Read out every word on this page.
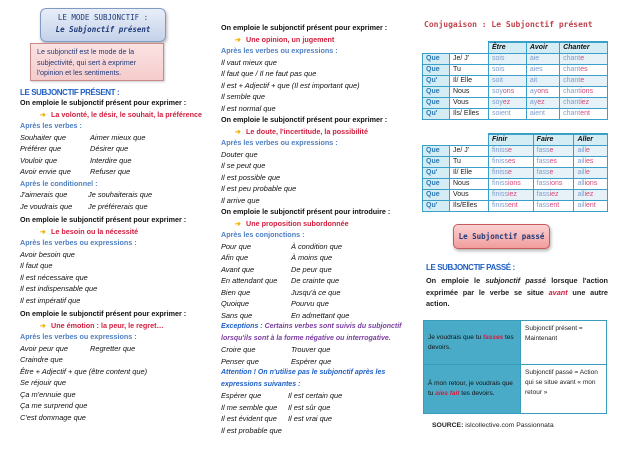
LE MODE SUBJONCTIF :
Le Subjonctif présent
Le subjonctif est le mode de la subjectivité, qui sert à exprimer l'opinion et les sentiments.
LE SUBJONCTIF PRÉSENT :
On emploie le subjonctif présent pour exprimer :
➔ La volonté, le désir, le souhait, la préférence
Après les verbes :
Souhaiter que	Aimer mieux que
Préférer que	Désirer que
Vouloir que	Interdire que
Avoir envie que	Refuser que
Après le conditionnel :
J'aimerais que	Je souhaiterais que
Je voudrais que Je préférerais que
On emploie le subjonctif présent pour exprimer :
➔ Le besoin ou la nécessité
Après les verbes ou expressions :
Avoir besoin que
Il faut que
Il est nécessaire que
Il est indispensable que
Il est impératif que
On emploie le subjonctif présent pour exprimer :
➔ Une émotion : la peur, le regret…
Après les verbes ou expressions :
Avoir peur que	Regretter que
Craindre que
Être + Adjectif + que (être content que)
Se réjouir que
Ça m'ennuie que
Ça me surprend que
C'est dommage que
On emploie le subjonctif présent pour exprimer :
➔ Une opinion, un jugement
Après les verbes ou expressions :
Il vaut mieux que
Il faut que / Il ne faut pas que
Il est + Adjectif + que (Il est important que)
Il semble que
Il est normal que
On emploie le subjonctif présent pour exprimer :
➔ Le doute, l'incertitude, la possibilité
Après les verbes ou expressions :
Douter que
Il se peut que
Il est possible que
Il est peu probable que
Il arrive que
On emploie le subjonctif présent pour introduire :
➔ Une proposition subordonnée
Après les conjonctions :
Pour que	À condition que
Afin que	À moins que
Avant que	De peur que
En attendant que De crainte que
Bien que	Jusqu'à ce que
Quoique	Pourvu que
Sans que	En admettant que
Exceptions : Certains verbes sont suivis du subjonctif lorsqu'ils sont à la forme négative ou interrogative.
Croire que	Trouver que
Penser que	Espérer que
Attention ! On n'utilise pas le subjonctif après les expressions suivantes :
Espérer que	Il est certain que
Il me semble que Il est sûr que
Il est évident que Il est vrai que
Il est probable que
Conjugaison : Le Subjonctif présent
		Être	Avoir	Chanter
Que	Je/ J'	sois	aie	chante
Que	Tu	sois	aies	chantes
Qu'	Il/ Elle	soit	ait	chante
Que	Nous	soyons	ayons	chantions
Que	Vous	soyez	ayez	chantiez
Qu'	Ils/ Elles	soient	aient	chantent
		Finir	Faire	Aller
Que	Je/ J'	finisse	fasse	aille
Que	Tu	finisses	fasses	ailles
Qu'	Il/ Elle	finisse	fasse	aille
Que	Nous	finissions	fassions	allions
Que	Vous	finissiez	fassiez	alliez
Qu'	Ils/Elles	finissent	fassent	aillent
Le Subjonctif passé
LE SUBJONCTIF PASSÉ :
On emploie le subjonctif passé lorsque l'action exprimée par le verbe se situe avant une autre action.
Je voudrais que tu fasses tes devoirs.	Subjonctif présent = Maintenant
À mon retour, je voudrais que tu aies fait tes devoirs.	Subjonctif passé = Action qui se situe avant « mon retour »
SOURCE: islcollective.com Passionnata
